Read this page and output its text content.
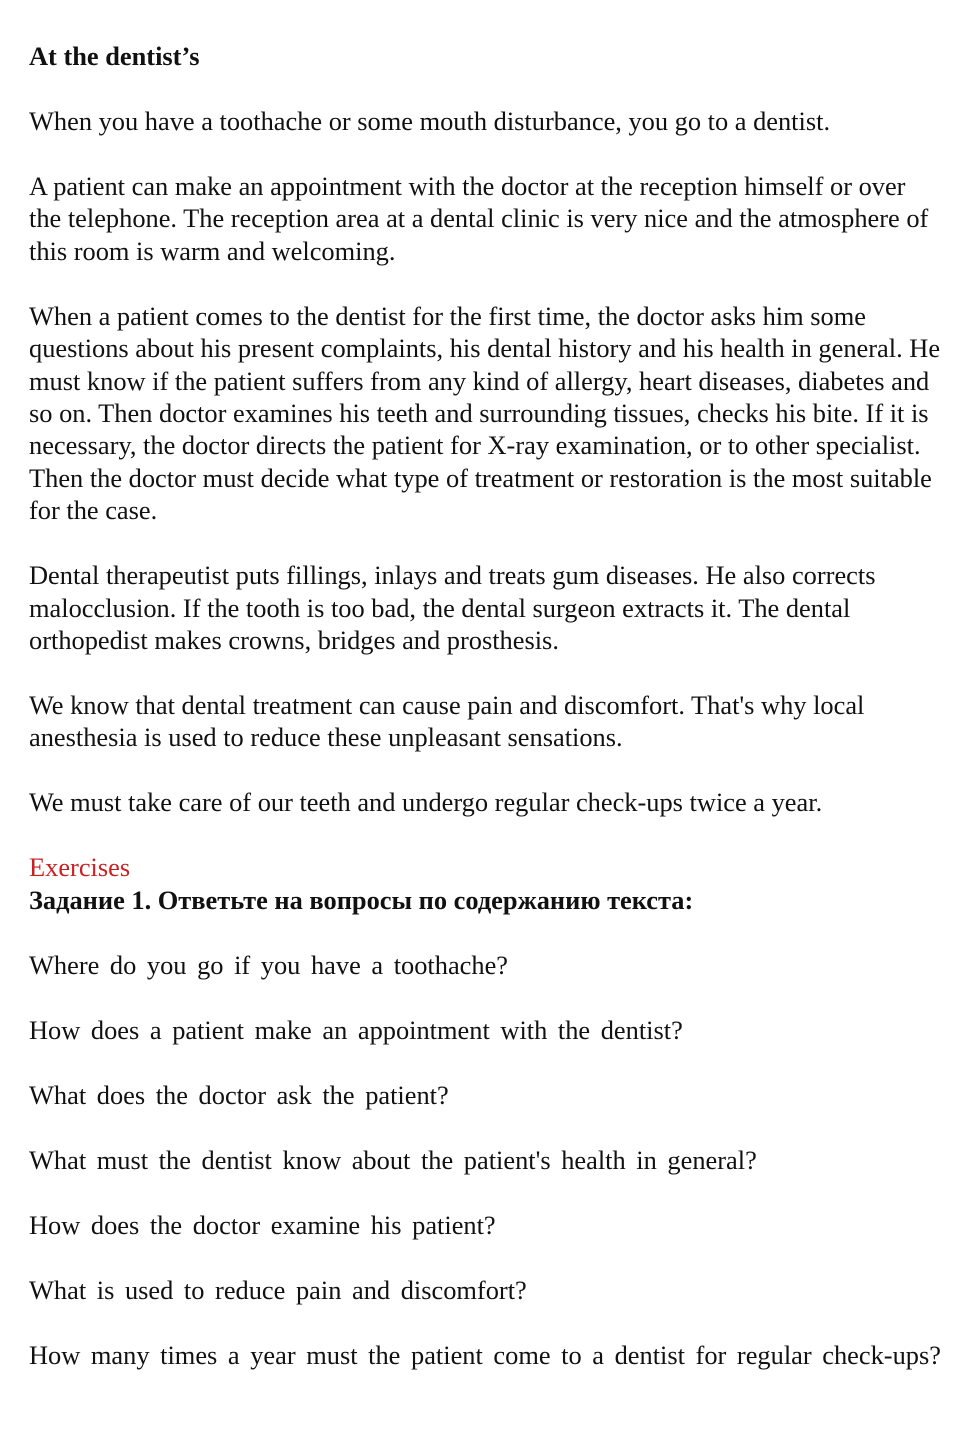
At the dentist’s

When you have a toothache or some mouth disturbance, you go to a dentist.

A patient can make an appointment with the doctor at the reception himself or over the telephone. The reception area at a dental clinic is very nice and the atmosphere of this room is warm and welcoming.

When a patient comes to the dentist for the first time, the doctor asks him some questions about his present complaints, his dental history and his health in general. He must know if the patient suffers from any kind of allergy, heart diseases, diabetes and so on. Then doctor examines his teeth and surrounding tissues, checks his bite. If it is necessary, the doctor directs the patient for X-ray examination, or to other specialist. Then the doctor must decide what type of treatment or restoration is the most suitable for the case.

Dental therapeutist puts fillings, inlays and treats gum diseases. He also corrects malocclusion. If the tooth is too bad, the dental surgeon extracts it. The dental orthopedist makes crowns, bridges and prosthesis.

We know that dental treatment can cause pain and discomfort. That's why local anesthesia is used to reduce these unpleasant sensations.

We must take care of our teeth and undergo regular check-ups twice a year.

Exercises

Задание 1. Ответьте на вопросы по содержанию текста:

Where do you go if you have a toothache?

How does a patient make an appointment with the dentist?

What does the doctor ask the patient?

What must the dentist know about the patient's health in general?

How does the doctor examine his patient?

What is used to reduce pain and discomfort?

How many times a year must the patient come to a dentist for regular check-ups?
